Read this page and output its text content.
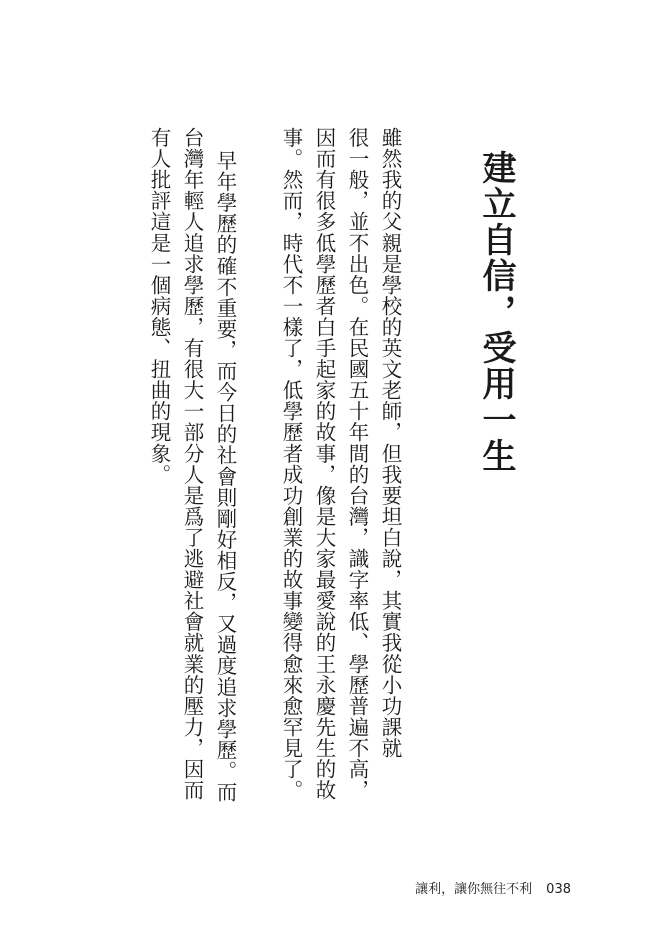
建立自信，受用一生
雖然我的父親是學校的英文老師，但我要坦白說，其實我從小功課就
很一般，並不出色。在民國五十年間的台灣，識字率低、學歷普遍不高，
因而有很多低學歷者白手起家的故事，像是大家最愛說的王永慶先生的故
事。然而，時代不一樣了，低學歷者成功創業的故事變得愈來愈罕見了。
早年學歷的確不重要，而今日的社會則剛好相反，又過度追求學歷。而
台灣年輕人追求學歷，有很大一部分人是爲了逃避社會就業的壓力，因而
有人批評這是一個病態、扭曲的現象。
讓利，讓你無往不利 038
